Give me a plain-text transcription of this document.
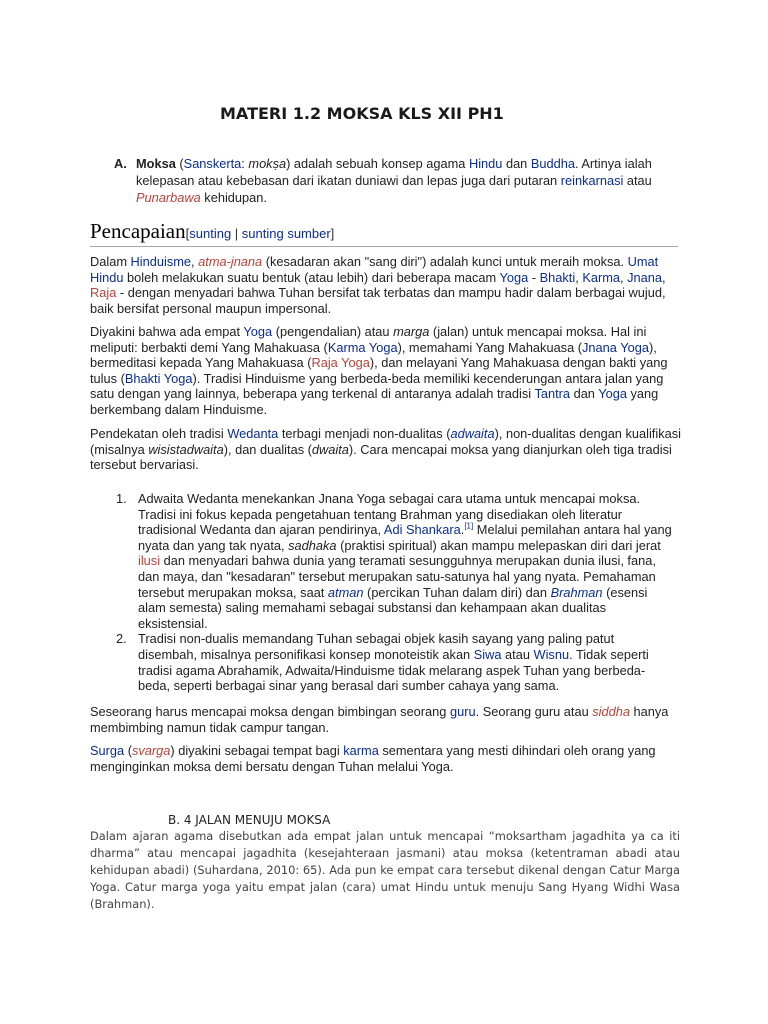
MATERI 1.2 MOKSA KLS XII PH1
A. Moksa (Sanskerta: mokṣa) adalah sebuah konsep agama Hindu dan Buddha. Artinya ialah kelepasan atau kebebasan dari ikatan duniawi dan lepas juga dari putaran reinkarnasi atau Punarbawa kehidupan.
Pencapaian[sunting | sunting sumber]
Dalam Hinduisme, atma-jnana (kesadaran akan "sang diri") adalah kunci untuk meraih moksa. Umat Hindu boleh melakukan suatu bentuk (atau lebih) dari beberapa macam Yoga - Bhakti, Karma, Jnana, Raja - dengan menyadari bahwa Tuhan bersifat tak terbatas dan mampu hadir dalam berbagai wujud, baik bersifat personal maupun impersonal.
Diyakini bahwa ada empat Yoga (pengendalian) atau marga (jalan) untuk mencapai moksa. Hal ini meliputi: berbakti demi Yang Mahakuasa (Karma Yoga), memahami Yang Mahakuasa (Jnana Yoga), bermeditasi kepada Yang Mahakuasa (Raja Yoga), dan melayani Yang Mahakuasa dengan bakti yang tulus (Bhakti Yoga). Tradisi Hinduisme yang berbeda-beda memiliki kecenderungan antara jalan yang satu dengan yang lainnya, beberapa yang terkenal di antaranya adalah tradisi Tantra dan Yoga yang berkembang dalam Hinduisme.
Pendekatan oleh tradisi Wedanta terbagi menjadi non-dualitas (adwaita), non-dualitas dengan kualifikasi (misalnya wisistadwaita), dan dualitas (dwaita). Cara mencapai moksa yang dianjurkan oleh tiga tradisi tersebut bervariasi.
1. Adwaita Wedanta menekankan Jnana Yoga sebagai cara utama untuk mencapai moksa. Tradisi ini fokus kepada pengetahuan tentang Brahman yang disediakan oleh literatur tradisional Wedanta dan ajaran pendirinya, Adi Shankara.[1] Melalui pemilahan antara hal yang nyata dan yang tak nyata, sadhaka (praktisi spiritual) akan mampu melepaskan diri dari jerat ilusi dan menyadari bahwa dunia yang teramati sesungguhnya merupakan dunia ilusi, fana, dan maya, dan "kesadaran" tersebut merupakan satu-satunya hal yang nyata. Pemahaman tersebut merupakan moksa, saat atman (percikan Tuhan dalam diri) dan Brahman (esensi alam semesta) saling memahami sebagai substansi dan kehampaan akan dualitas eksistensial.
2. Tradisi non-dualis memandang Tuhan sebagai objek kasih sayang yang paling patut disembah, misalnya personifikasi konsep monoteistik akan Siwa atau Wisnu. Tidak seperti tradisi agama Abrahamik, Adwaita/Hinduisme tidak melarang aspek Tuhan yang berbeda-beda, seperti berbagai sinar yang berasal dari sumber cahaya yang sama.
Seseorang harus mencapai moksa dengan bimbingan seorang guru. Seorang guru atau siddha hanya membimbing namun tidak campur tangan.
Surga (svarga) diyakini sebagai tempat bagi karma sementara yang mesti dihindari oleh orang yang menginginkan moksa demi bersatu dengan Tuhan melalui Yoga.
B. 4 JALAN MENUJU MOKSA
Dalam ajaran agama disebutkan ada empat jalan untuk mencapai “moksartham jagadhita ya ca iti dharma” atau mencapai jagadhita (kesejahteraan jasmani) atau moksa (ketentraman abadi atau kehidupan abadi) (Suhardana, 2010: 65). Ada pun ke empat cara tersebut dikenal dengan Catur Marga Yoga. Catur marga yoga yaitu empat jalan (cara) umat Hindu untuk menuju Sang Hyang Widhi Wasa (Brahman).
